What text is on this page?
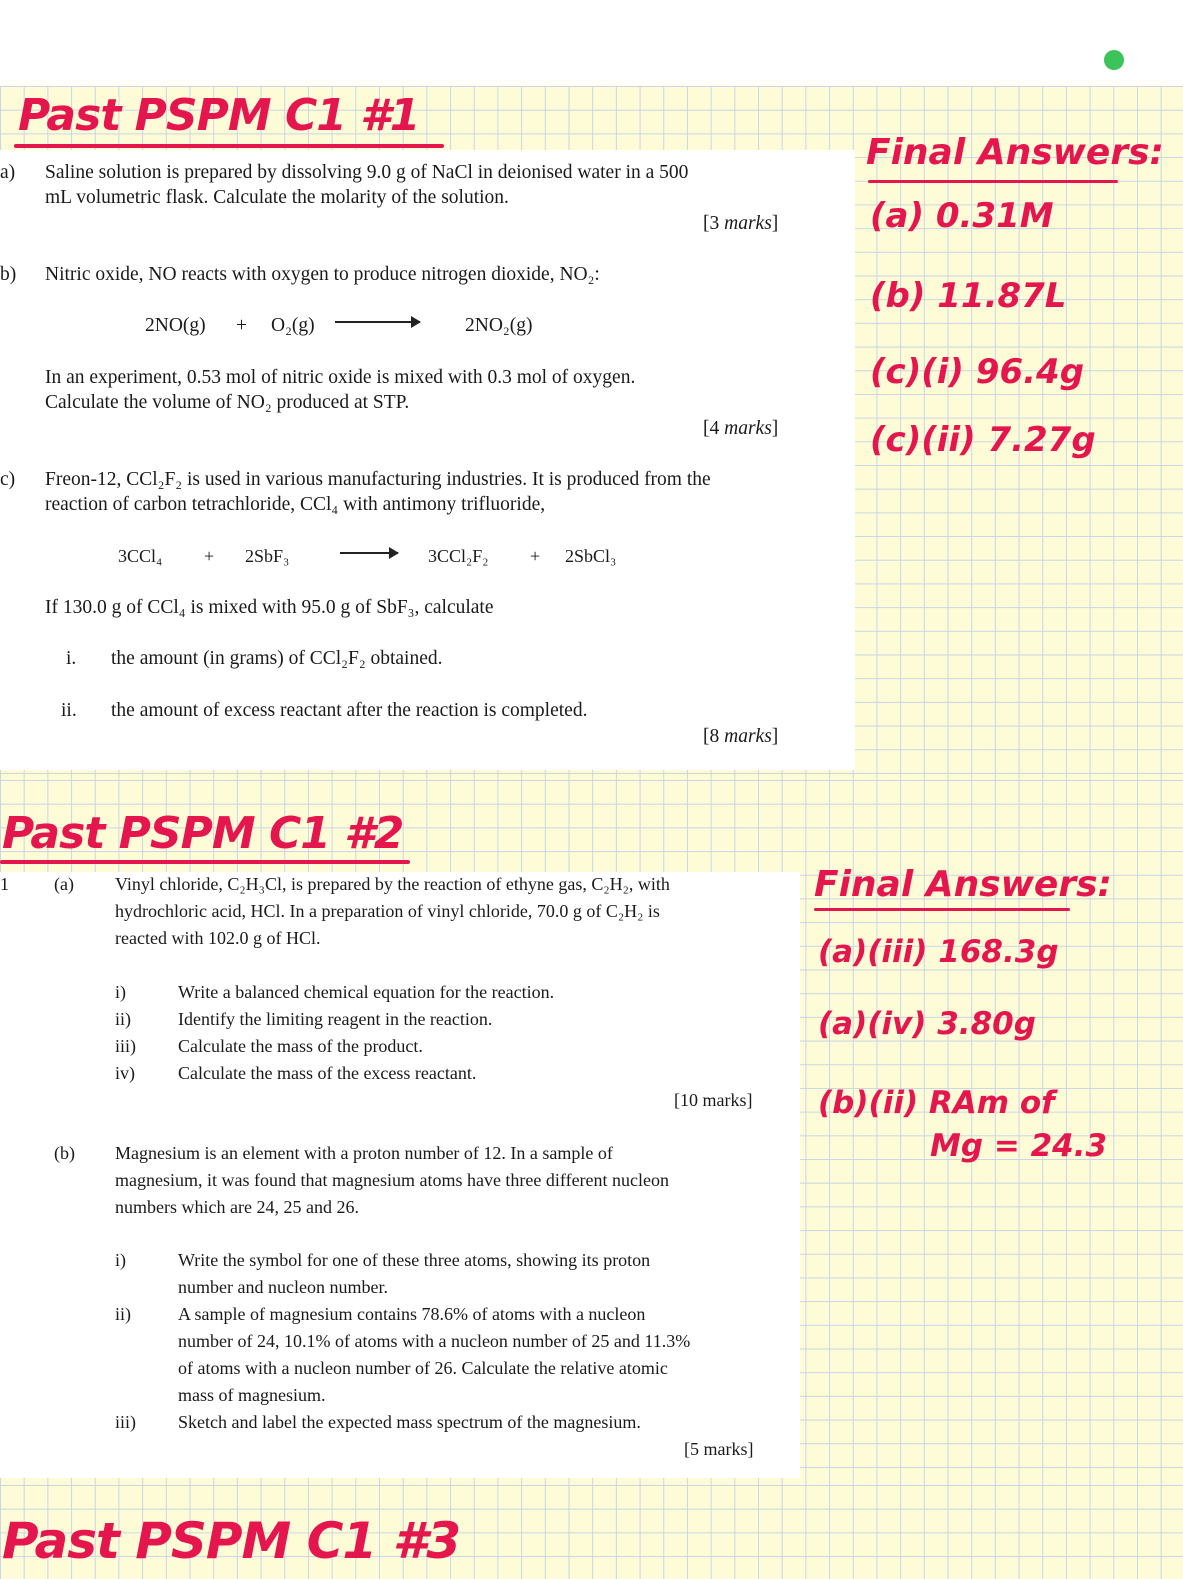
Past PSPM C1 #1
a) Saline solution is prepared by dissolving 9.0 g of NaCl in deionised water in a 500
mL volumetric flask. Calculate the molarity of the solution.
[3 marks]
b) Nitric oxide, NO reacts with oxygen to produce nitrogen dioxide, NO₂:
2NO(g) + O₂(g)	2NO₂(g)
In an experiment, 0.53 mol of nitric oxide is mixed with 0.3 mol of oxygen.
Calculate the volume of NO₂ produced at STP.
[4 marks]
c) Freon-12, CCl₂F₂ is used in various manufacturing industries. It is produced from the
reaction of carbon tetrachloride, CCl₄ with antimony trifluoride,
3CCl₄ + 2SbF₃	3CCl₂F₂ + 2SbCl₃
If 130.0 g of CCl₄ is mixed with 95.0 g of SbF₃, calculate
i. the amount (in grams) of CCl₂F₂ obtained.
ii. the amount of excess reactant after the reaction is completed.
[8 marks]
Final Answers:
(a) 0.31M
(b) 11.87L
(c)(i) 96.4g
(c)(ii) 7.27g
Past PSPM C1 #2
1	(a) Vinyl chloride, C₂H₃Cl, is prepared by the reaction of ethyne gas, C₂H₂, with
hydrochloric acid, HCl. In a preparation of vinyl chloride, 70.0 g of C₂H₂ is
reacted with 102.0 g of HCl.
i)	Write a balanced chemical equation for the reaction.
ii)	Identify the limiting reagent in the reaction.
iii) Calculate the mass of the product.
iv) Calculate the mass of the excess reactant.
[10 marks]
(b) Magnesium is an element with a proton number of 12. In a sample of
magnesium, it was found that magnesium atoms have three different nucleon
numbers which are 24, 25 and 26.
i)	Write the symbol for one of these three atoms, showing its proton
number and nucleon number.
ii)	A sample of magnesium contains 78.6% of atoms with a nucleon
number of 24, 10.1% of atoms with a nucleon number of 25 and 11.3%
of atoms with a nucleon number of 26. Calculate the relative atomic
mass of magnesium.
iii) Sketch and label the expected mass spectrum of the magnesium.
[5 marks]
Final Answers:
(a)(iii) 168.3g
(a)(iv) 3.80g
(b)(ii) RAm of
Mg = 24.3
Past PSPM C1 #3
